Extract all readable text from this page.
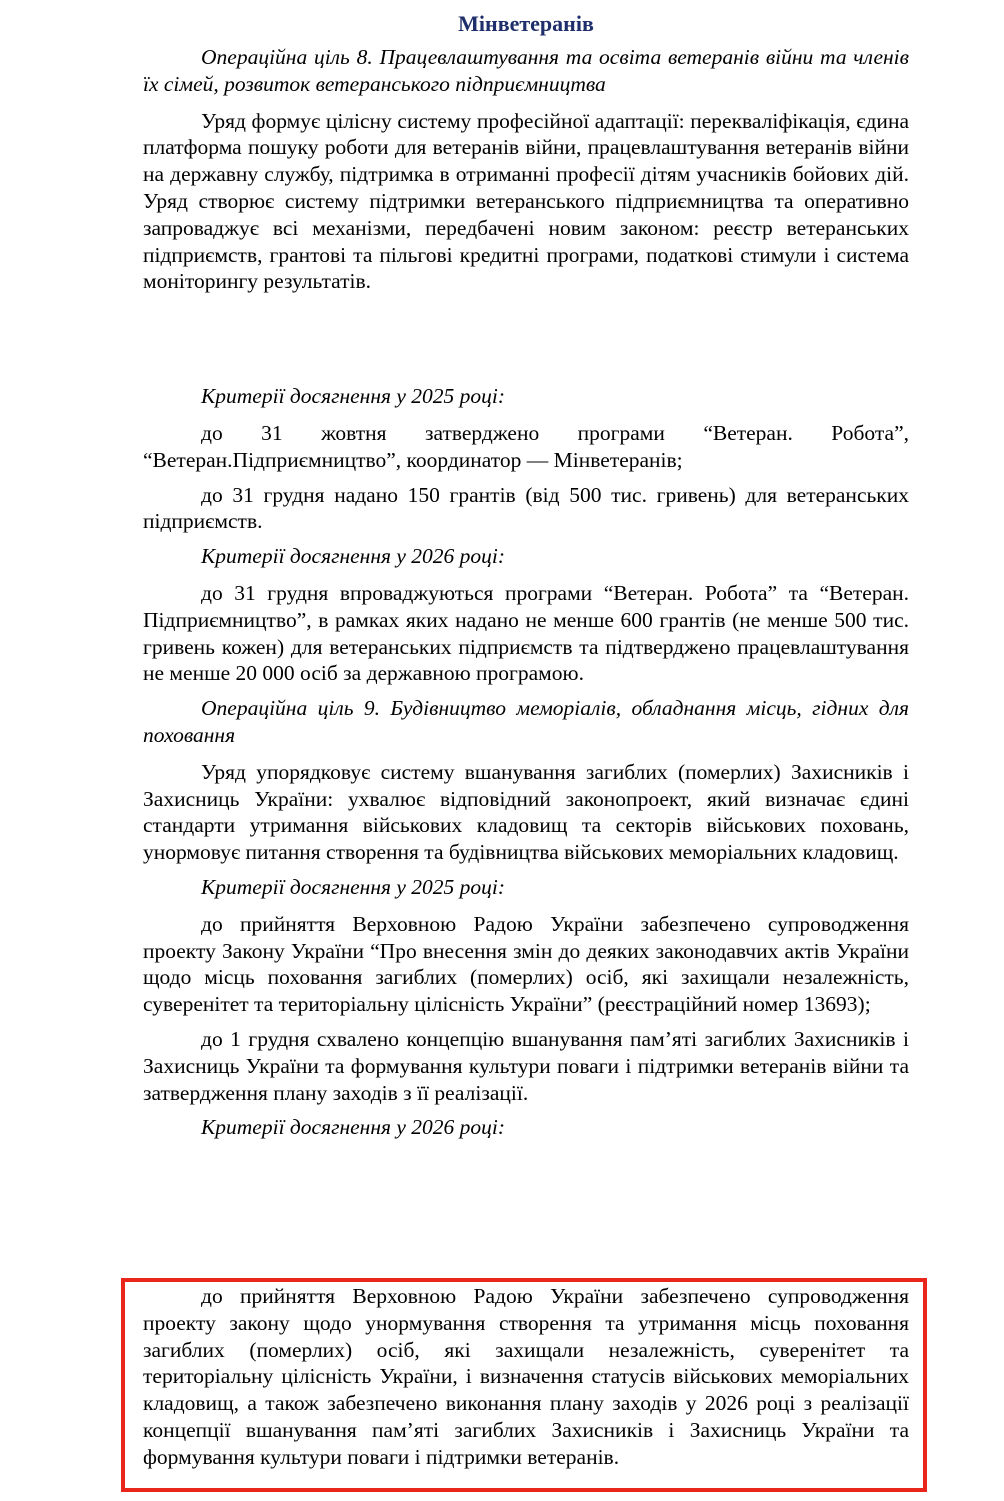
Мінветеранів

Операційна ціль 8. Працевлаштування та освіта ветеранів війни та членів їх сімей, розвиток ветеранського підприємництва

Уряд формує цілісну систему професійної адаптації: перекваліфікація, єдина платформа пошуку роботи для ветеранів війни, працевлаштування ветеранів війни на державну службу, підтримка в отриманні професії дітям учасників бойових дій. Уряд створює систему підтримки ветеранського підприємництва та оперативно запроваджує всі механізми, передбачені новим законом: реєстр ветеранських підприємств, грантові та пільгові кредитні програми, податкові стимули і система моніторингу результатів.

Критерії досягнення у 2025 році:

до 31 жовтня затверджено програми “Ветеран. Робота”, “Ветеран.Підприємництво”, координатор — Мінветеранів;

до 31 грудня надано 150 грантів (від 500 тис. гривень) для ветеранських підприємств.

Критерії досягнення у 2026 році:

до 31 грудня впроваджуються програми “Ветеран. Робота” та “Ветеран. Підприємництво”, в рамках яких надано не менше 600 грантів (не менше 500 тис. гривень кожен) для ветеранських підприємств та підтверджено працевлаштування не менше 20 000 осіб за державною програмою.

Операційна ціль 9. Будівництво меморіалів, обладнання місць, гідних для поховання

Уряд упорядковує систему вшанування загиблих (померлих) Захисників і Захисниць України: ухвалює відповідний законопроект, який визначає єдині стандарти утримання військових кладовищ та секторів військових поховань, унормовує питання створення та будівництва військових меморіальних кладовищ.

Критерії досягнення у 2025 році:

до прийняття Верховною Радою України забезпечено супроводження проекту Закону України “Про внесення змін до деяких законодавчих актів України щодо місць поховання загиблих (померлих) осіб, які захищали незалежність, суверенітет та територіальну цілісність України” (реєстраційний номер 13693);

до 1 грудня схвалено концепцію вшанування пам’яті загиблих Захисників і Захисниць України та формування культури поваги і підтримки ветеранів війни та затвердження плану заходів з її реалізації.

Критерії досягнення у 2026 році:

до прийняття Верховною Радою України забезпечено супроводження проекту закону щодо унормування створення та утримання місць поховання загиблих (померлих) осіб, які захищали незалежність, суверенітет та територіальну цілісність України, і визначення статусів військових меморіальних кладовищ, а також забезпечено виконання плану заходів у 2026 році з реалізації концепції вшанування пам’яті загиблих Захисників і Захисниць України та формування культури поваги і підтримки ветеранів.
